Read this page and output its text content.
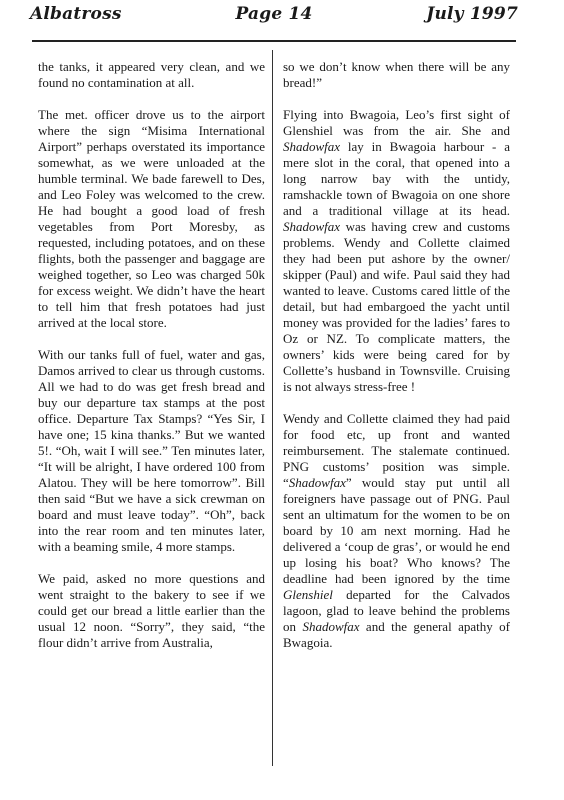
Albatross	Page 14	July 1997

the tanks, it appeared very clean, and we found no contamination at all.

The met. officer drove us to the airport where the sign “Misima International Airport” perhaps overstated its importance somewhat, as we were unloaded at the humble terminal. We bade farewell to Des, and Leo Foley was welcomed to the crew. He had bought a good load of fresh vegetables from Port Moresby, as requested, including potatoes, and on these flights, both the passenger and baggage are weighed together, so Leo was charged 50k for excess weight. We didn’t have the heart to tell him that fresh potatoes had just arrived at the local store.

With our tanks full of fuel, water and gas, Damos arrived to clear us through customs. All we had to do was get fresh bread and buy our departure tax stamps at the post office. Departure Tax Stamps? “Yes Sir, I have one; 15 kina thanks.” But we wanted 5!. “Oh, wait I will see.” Ten minutes later, “It will be alright, I have ordered 100 from Alatou. They will be here tomorrow”. Bill then said “But we have a sick crewman on board and must leave today”. “Oh”, back into the rear room and ten minutes later, with a beaming smile, 4 more stamps.

We paid, asked no more questions and went straight to the bakery to see if we could get our bread a little earlier than the usual 12 noon. “Sorry”, they said, “the flour didn’t arrive from Australia,

so we don’t know when there will be any bread!”

Flying into Bwagoia, Leo’s first sight of Glenshiel was from the air. She and Shadowfax lay in Bwagoia harbour - a mere slot in the coral, that opened into a long narrow bay with the untidy, ramshackle town of Bwagoia on one shore and a traditional village at its head. Shadowfax was having crew and customs problems. Wendy and Collette claimed they had been put ashore by the owner/ skipper (Paul) and wife. Paul said they had wanted to leave. Customs cared little of the detail, but had embargoed the yacht until money was provided for the ladies’ fares to Oz or NZ. To complicate matters, the owners’ kids were being cared for by Collette’s husband in Townsville. Cruising is not always stress-free !

Wendy and Collette claimed they had paid for food etc, up front and wanted reimbursement. The stalemate continued. PNG customs’ position was simple. “Shadowfax” would stay put until all foreigners have passage out of PNG. Paul sent an ultimatum for the women to be on board by 10 am next morning. Had he delivered a ‘coup de gras’, or would he end up losing his boat? Who knows? The deadline had been ignored by the time Glenshiel departed for the Calvados lagoon, glad to leave behind the problems on Shadowfax and the general apathy of Bwagoia.
